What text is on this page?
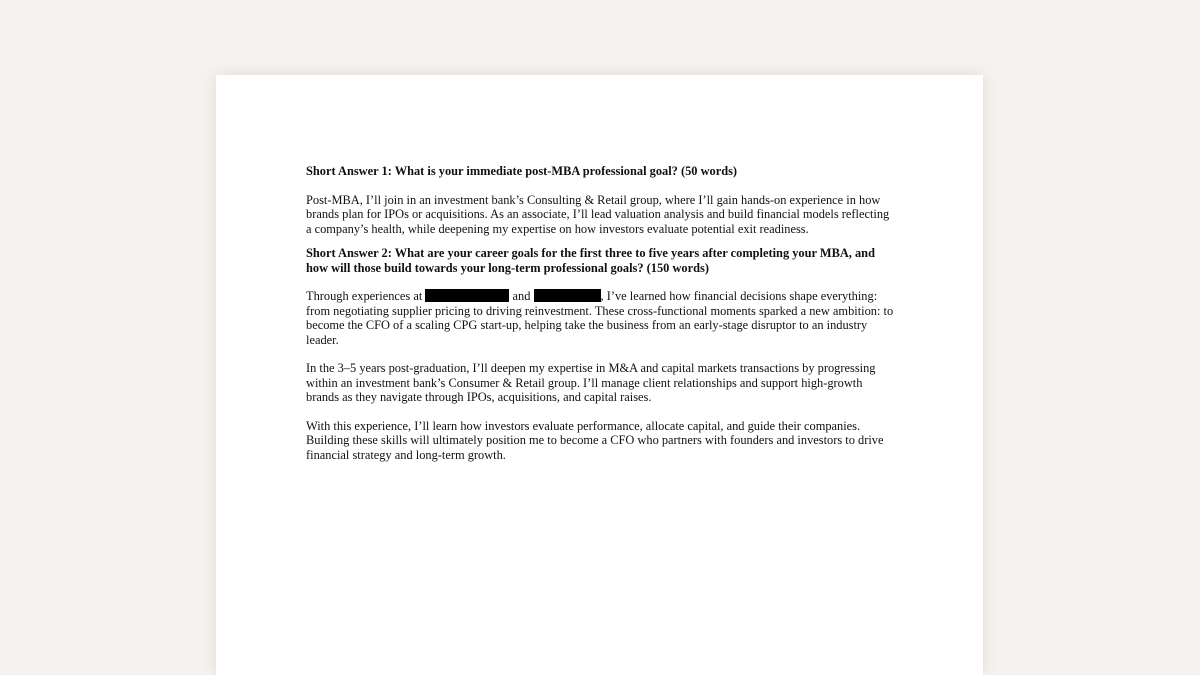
Short Answer 1: What is your immediate post-MBA professional goal? (50 words)

Post-MBA, I’ll join in an investment bank’s Consulting & Retail group, where I’ll gain hands-on experience in how brands plan for IPOs or acquisitions. As an associate, I’ll lead valuation analysis and build financial models reflecting a company’s health, while deepening my expertise on how investors evaluate potential exit readiness.

Short Answer 2: What are your career goals for the first three to five years after completing your MBA, and how will those build towards your long-term professional goals? (150 words)

Through experiences at	and	, I’ve learned how financial decisions shape everything: from negotiating supplier pricing to driving reinvestment. These cross-functional moments sparked a new ambition: to become the CFO of a scaling CPG start-up, helping take the business from an early-stage disruptor to an industry leader.

In the 3–5 years post-graduation, I’ll deepen my expertise in M&A and capital markets transactions by progressing within an investment bank’s Consumer & Retail group. I’ll manage client relationships and support high-growth brands as they navigate through IPOs, acquisitions, and capital raises.

With this experience, I’ll learn how investors evaluate performance, allocate capital, and guide their companies. Building these skills will ultimately position me to become a CFO who partners with founders and investors to drive financial strategy and long-term growth.
